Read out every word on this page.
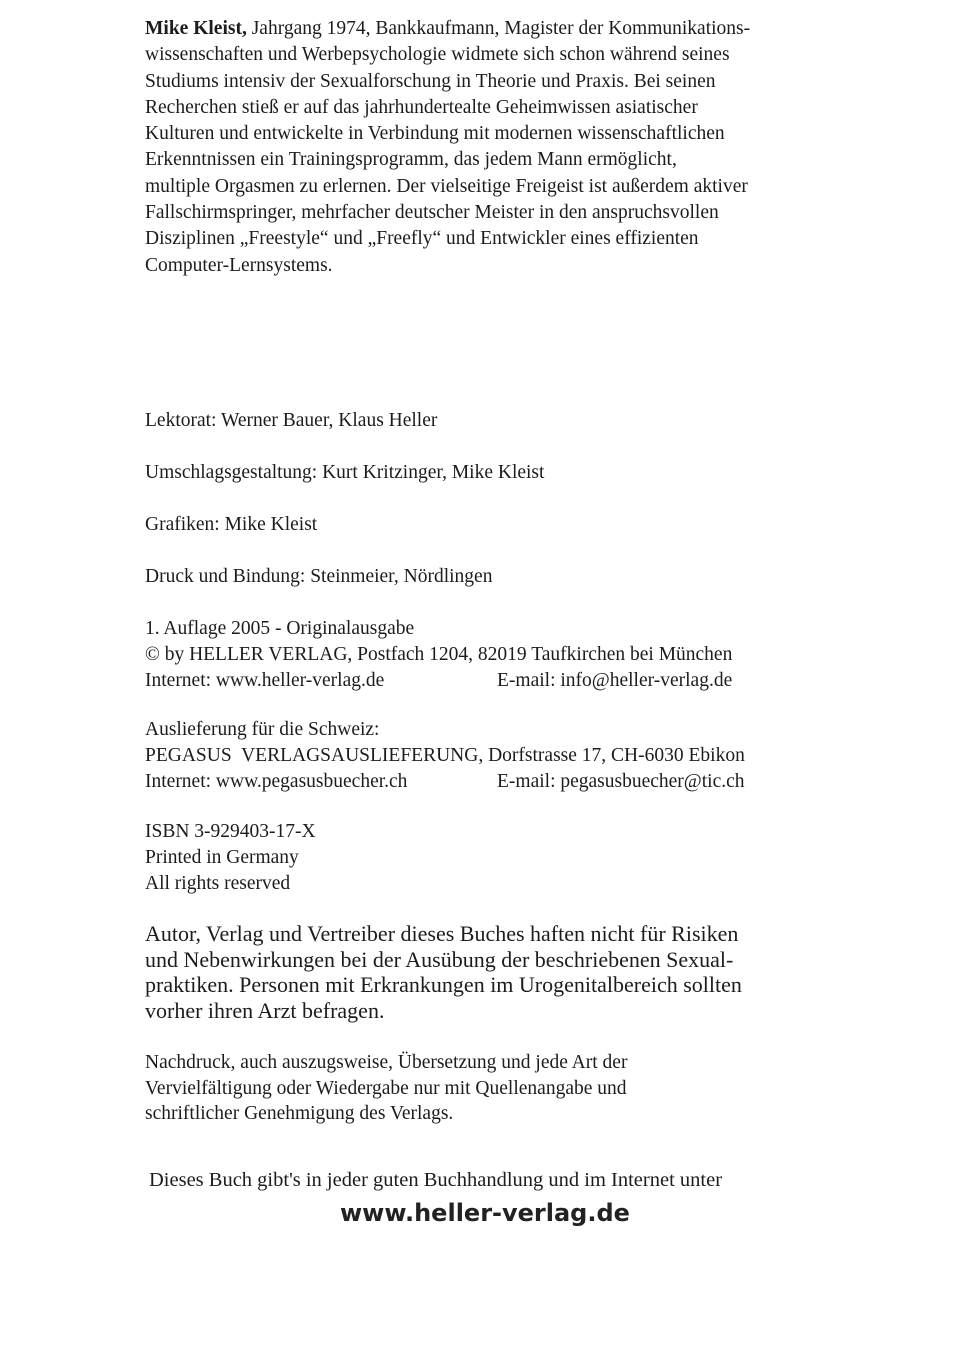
Mike Kleist, Jahrgang 1974, Bankkaufmann, Magister der Kommunikations-
wissenschaften und Werbepsychologie widmete sich schon während seines
Studiums intensiv der Sexualforschung in Theorie und Praxis. Bei seinen
Recherchen stieß er auf das jahrhundertealte Geheimwissen asiatischer
Kulturen und entwickelte in Verbindung mit modernen wissenschaftlichen
Erkenntnissen ein Trainingsprogramm, das jedem Mann ermöglicht,
multiple Orgasmen zu erlernen. Der vielseitige Freigeist ist außerdem aktiver
Fallschirmspringer, mehrfacher deutscher Meister in den anspruchsvollen
Disziplinen „Freestyle“ und „Freefly“ und Entwickler eines effizienten
Computer-Lernsystems.
Lektorat: Werner Bauer, Klaus Heller
Umschlagsgestaltung: Kurt Kritzinger, Mike Kleist
Grafiken: Mike Kleist
Druck und Bindung: Steinmeier, Nördlingen
1. Auflage 2005 - Originalausgabe
© by HELLER VERLAG, Postfach 1204, 82019 Taufkirchen bei München
Internet: www.heller-verlag.de	E-mail: info@heller-verlag.de
Auslieferung für die Schweiz:
PEGASUS  VERLAGSAUSLIEFERUNG, Dorfstrasse 17, CH-6030 Ebikon
Internet: www.pegasusbuecher.ch	E-mail: pegasusbuecher@tic.ch
ISBN 3-929403-17-X
Printed in Germany
All rights reserved
Autor, Verlag und Vertreiber dieses Buches haften nicht für Risiken
und Nebenwirkungen bei der Ausübung der beschriebenen Sexual-
praktiken. Personen mit Erkrankungen im Urogenitalbereich sollten
vorher ihren Arzt befragen.
Nachdruck, auch auszugsweise, Übersetzung und jede Art der
Vervielfältigung oder Wiedergabe nur mit Quellenangabe und
schriftlicher Genehmigung des Verlags.
Dieses Buch gibt's in jeder guten Buchhandlung und im Internet unter
www.heller-verlag.de
